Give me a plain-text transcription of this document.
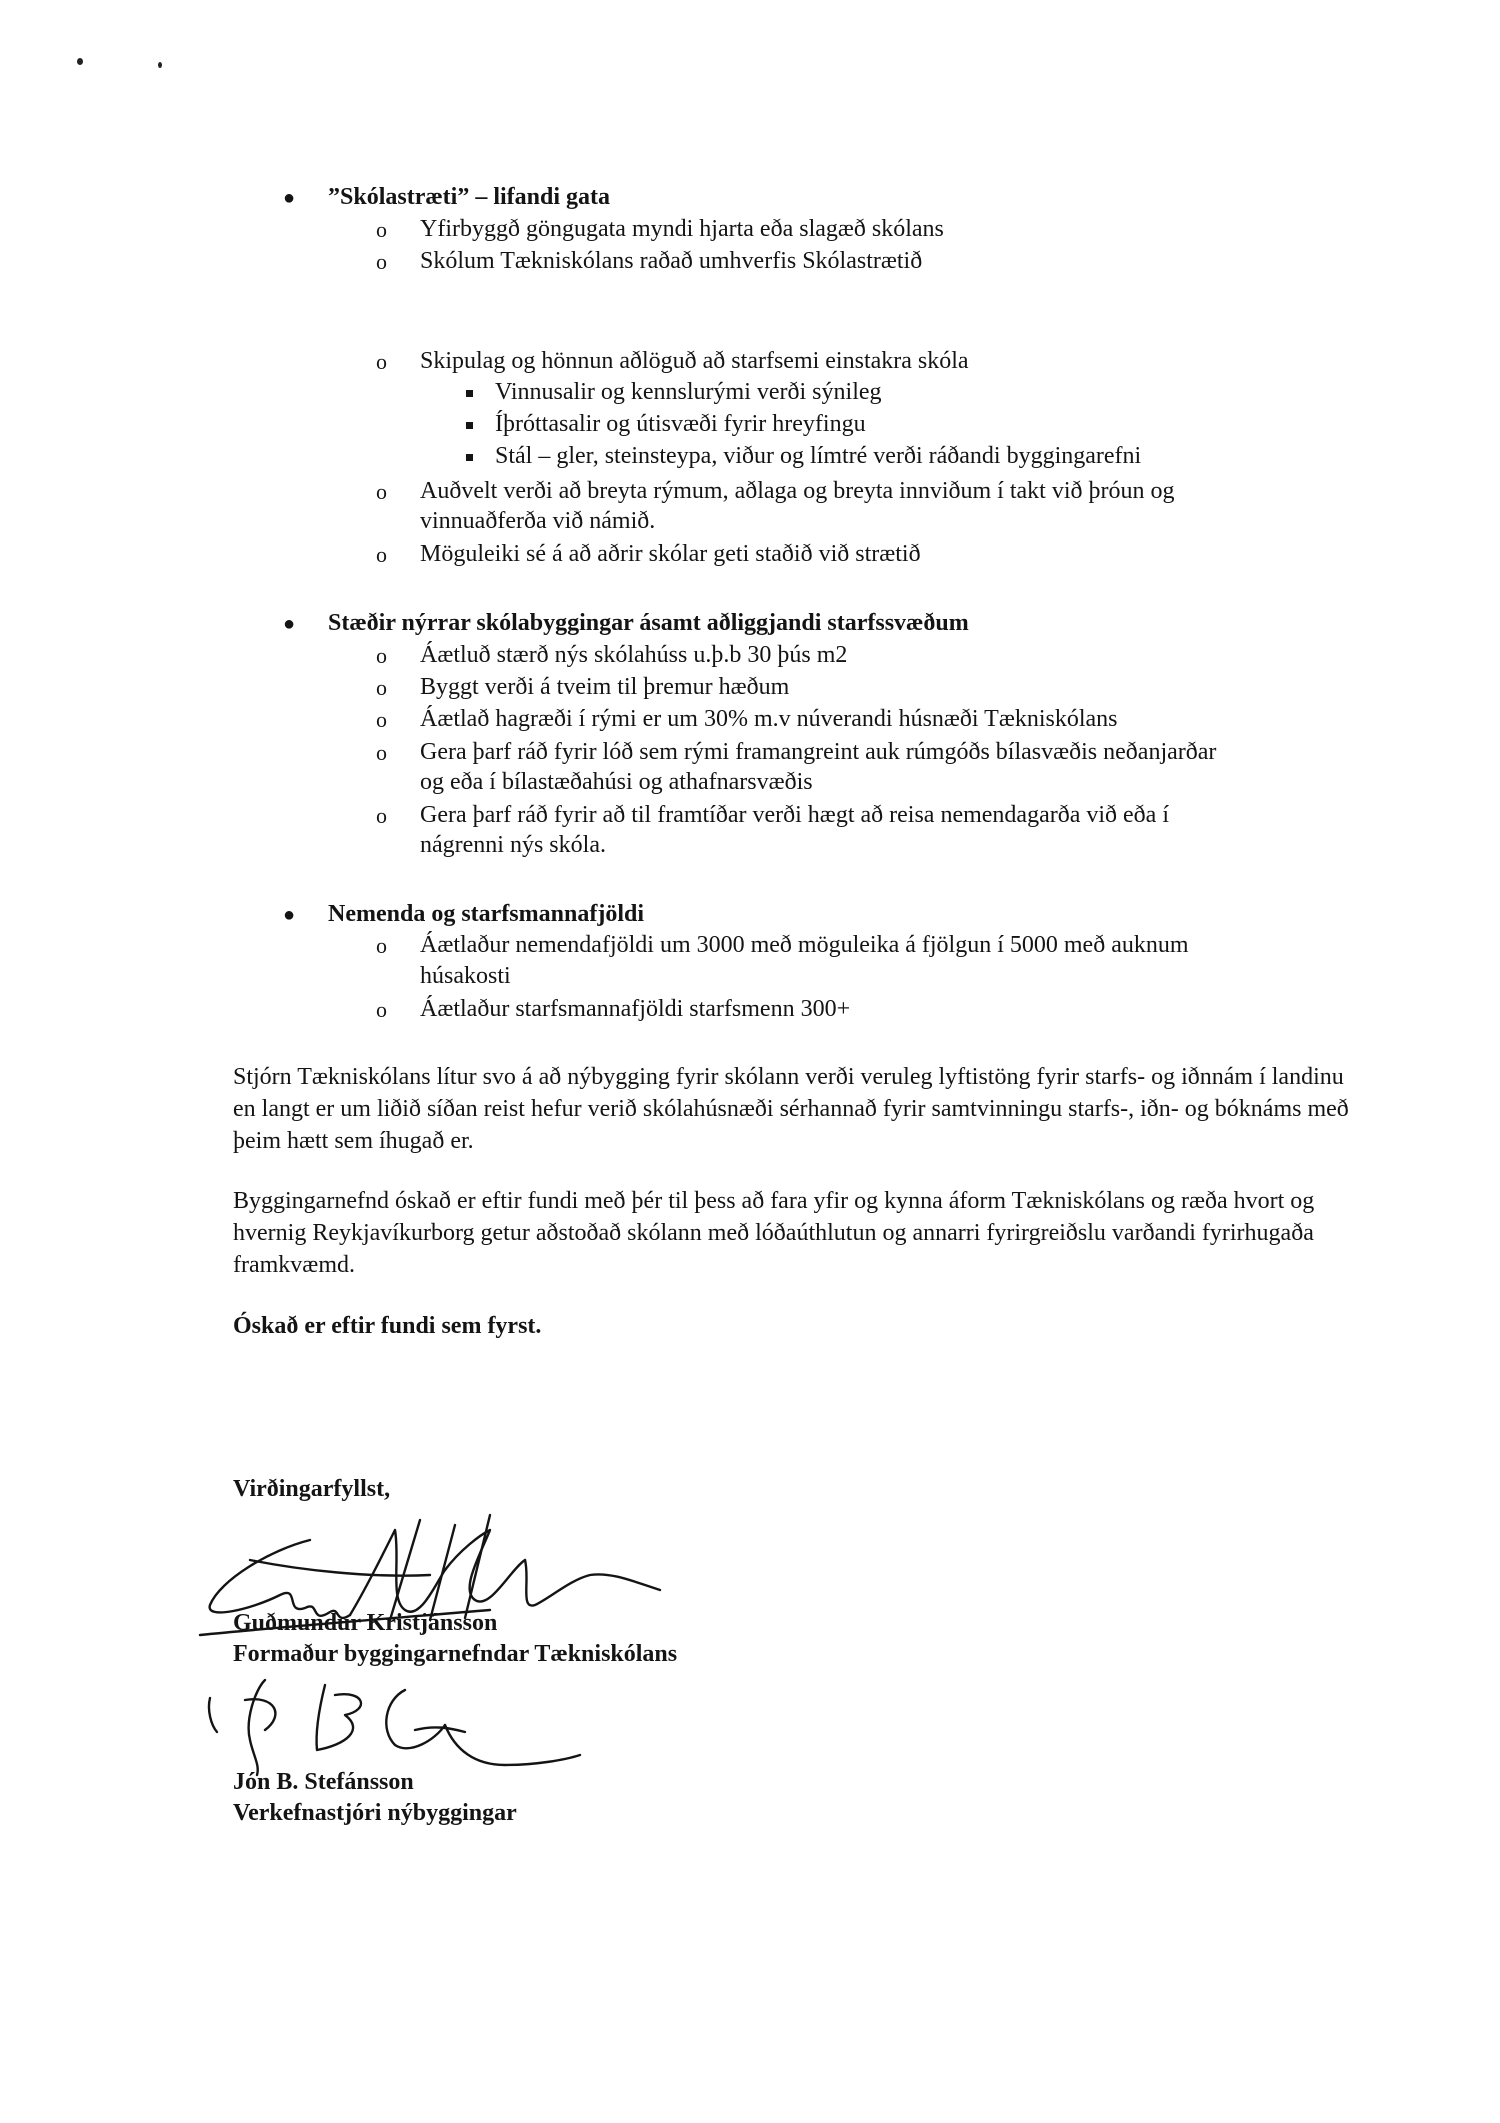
● ”Skólastræti” – lifandi gata
o Yfirbyggð göngugata myndi hjarta eða slagæð skólans
o Skólum Tækniskólans raðað umhverfis Skólastrætið
o Skipulag og hönnun aðlöguð að starfsemi einstakra skóla
Vinnusalir og kennslurými verði sýnileg
Íþróttasalir og útisvæði fyrir hreyfingu
Stál – gler, steinsteypa, viður og límtré verði ráðandi byggingarefni
o Auðvelt verði að breyta rýmum, aðlaga og breyta innviðum í takt við þróun og
vinnuaðferða við námið.
o Möguleiki sé á að aðrir skólar geti staðið við strætið
● Stæðir nýrrar skólabyggingar ásamt aðliggjandi starfssvæðum
o Áætluð stærð nýs skólahúss u.þ.b 30 þús m2
o Byggt verði á tveim til þremur hæðum
o Áætlað hagræði í rými er um 30% m.v núverandi húsnæði Tækniskólans
o Gera þarf ráð fyrir lóð sem rými framangreint auk rúmgóðs bílasvæðis neðanjarðar
og eða í bílastæðahúsi og athafnarsvæðis
o Gera þarf ráð fyrir að til framtíðar verði hægt að reisa nemendagarða við eða í
nágrenni nýs skóla.
● Nemenda og starfsmannafjöldi
o Áætlaður nemendafjöldi um 3000 með möguleika á fjölgun í 5000 með auknum
húsakosti
o Áætlaður starfsmannafjöldi starfsmenn 300+
Stjórn Tækniskólans lítur svo á að nýbygging fyrir skólann verði veruleg lyftistöng fyrir starfs- og iðnnám í landinu en langt er um liðið síðan reist hefur verið skólahúsnæði sérhannað fyrir samtvinningu starfs-, iðn- og bóknáms með þeim hætt sem íhugað er.
Byggingarnefnd óskað er eftir fundi með þér til þess að fara yfir og kynna áform Tækniskólans og ræða hvort og hvernig Reykjavíkurborg getur aðstoðað skólann með lóðaúthlutun og annarri fyrirgreiðslu varðandi fyrirhugaða framkvæmd.
Óskað er eftir fundi sem fyrst.
Virðingarfyllst,
Guðmundur Kristjánsson
Formaður byggingarnefndar Tækniskólans
Jón B. Stefánsson
Verkefnastjóri nýbyggingar
